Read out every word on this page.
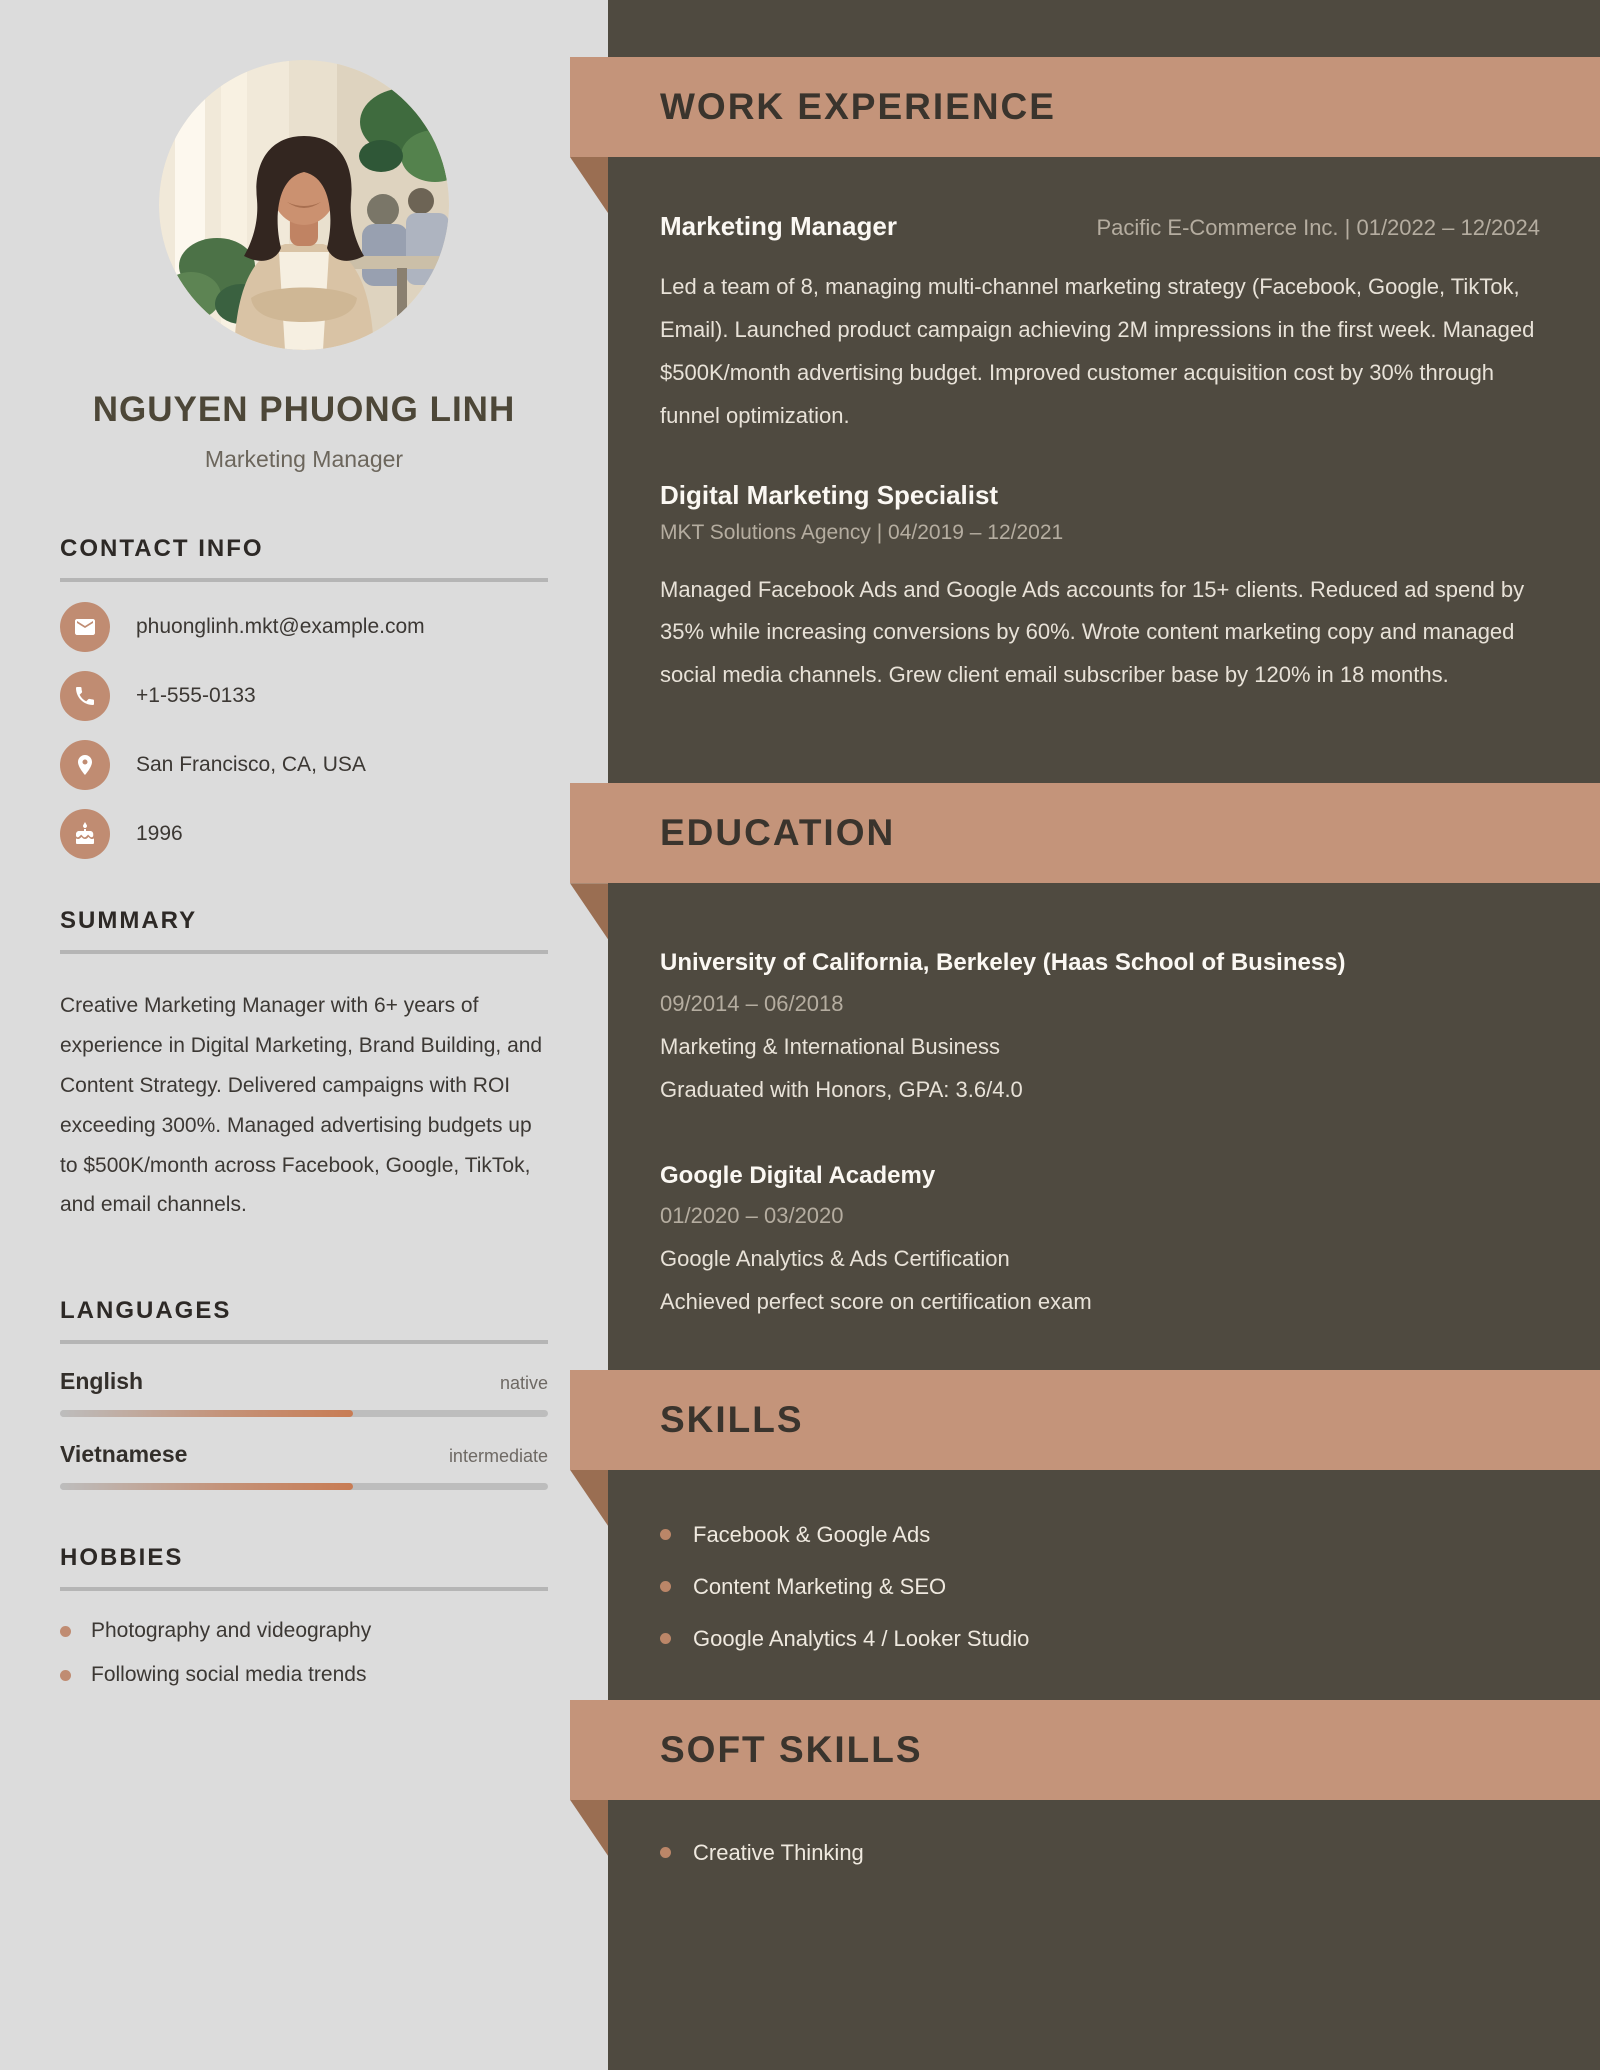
NGUYEN PHUONG LINH
Marketing Manager
CONTACT INFO
phuonglinh.mkt@example.com
+1-555-0133
San Francisco, CA, USA
1996
SUMMARY
Creative Marketing Manager with 6+ years of experience in Digital Marketing, Brand Building, and Content Strategy. Delivered campaigns with ROI exceeding 300%. Managed advertising budgets up to $500K/month across Facebook, Google, TikTok, and email channels.
LANGUAGES
English	native
Vietnamese	intermediate
HOBBIES
Photography and videography
Following social media trends
WORK EXPERIENCE
Marketing Manager	Pacific E-Commerce Inc. | 01/2022 – 12/2024
Led a team of 8, managing multi-channel marketing strategy (Facebook, Google, TikTok, Email). Launched product campaign achieving 2M impressions in the first week. Managed $500K/month advertising budget. Improved customer acquisition cost by 30% through funnel optimization.
Digital Marketing Specialist
MKT Solutions Agency | 04/2019 – 12/2021
Managed Facebook Ads and Google Ads accounts for 15+ clients. Reduced ad spend by 35% while increasing conversions by 60%. Wrote content marketing copy and managed social media channels. Grew client email subscriber base by 120% in 18 months.
EDUCATION
University of California, Berkeley (Haas School of Business)
09/2014 – 06/2018
Marketing & International Business
Graduated with Honors, GPA: 3.6/4.0
Google Digital Academy
01/2020 – 03/2020
Google Analytics & Ads Certification
Achieved perfect score on certification exam
SKILLS
Facebook & Google Ads
Content Marketing & SEO
Google Analytics 4 / Looker Studio
SOFT SKILLS
Creative Thinking
